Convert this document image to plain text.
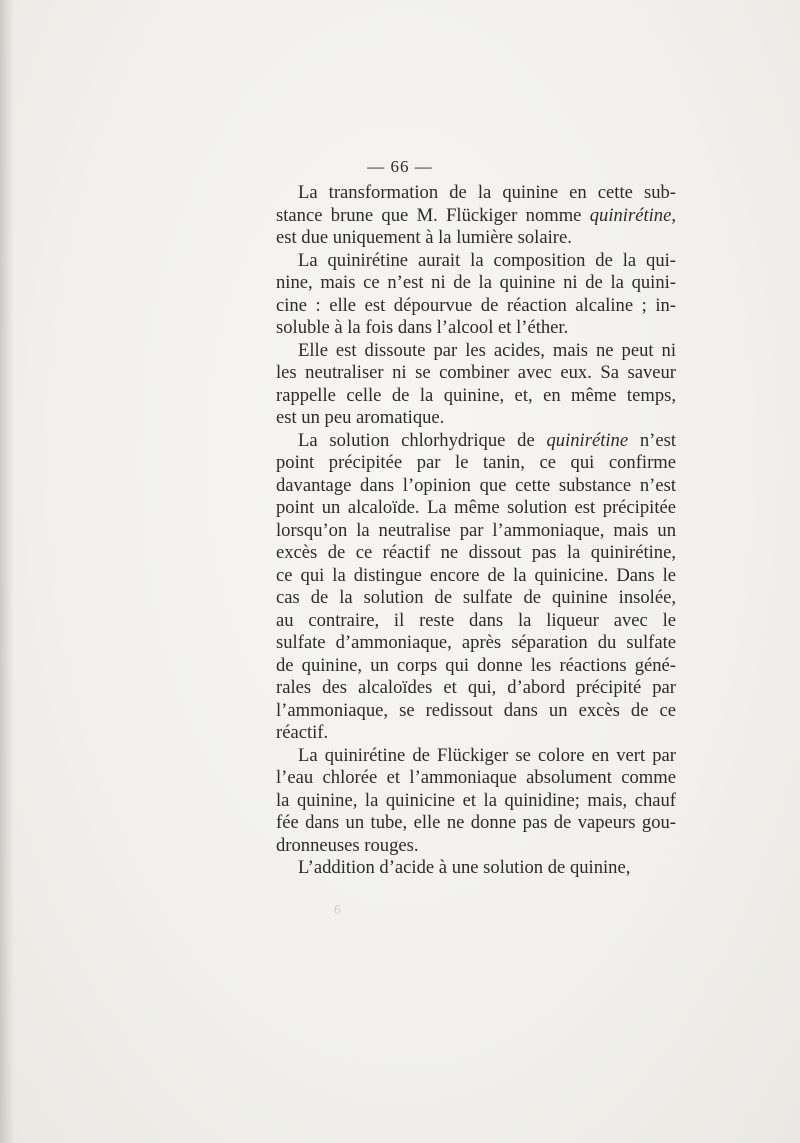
— 66 —

La transformation de la quinine en cette sub-
stance brune que M. Flückiger nomme quinirétine,
est due uniquement à la lumière solaire.

La quinirétine aurait la composition de la qui-
nine, mais ce n’est ni de la quinine ni de la quini-
cine : elle est dépourvue de réaction alcaline ; in-
soluble à la fois dans l’alcool et l’éther.

Elle est dissoute par les acides, mais ne peut ni
les neutraliser ni se combiner avec eux. Sa saveur
rappelle celle de la quinine, et, en même temps,
est un peu aromatique.

La solution chlorhydrique de quinirétine n’est
point précipitée par le tanin, ce qui confirme
davantage dans l’opinion que cette substance n’est
point un alcaloïde. La même solution est précipitée
lorsqu’on la neutralise par l’ammoniaque, mais un
excès de ce réactif ne dissout pas la quinirétine,
ce qui la distingue encore de la quinicine. Dans le
cas de la solution de sulfate de quinine insolée,
au contraire, il reste dans la liqueur avec le
sulfate d’ammoniaque, après séparation du sulfate
de quinine, un corps qui donne les réactions géné-
rales des alcaloïdes et qui, d’abord précipité par
l’ammoniaque, se redissout dans un excès de ce
réactif.

La quinirétine de Flückiger se colore en vert par
l’eau chlorée et l’ammoniaque absolument comme
la quinine, la quinicine et la quinidine; mais, chauf
fée dans un tube, elle ne donne pas de vapeurs gou-
dronneuses rouges.

L’addition d’acide à une solution de quinine,

6
